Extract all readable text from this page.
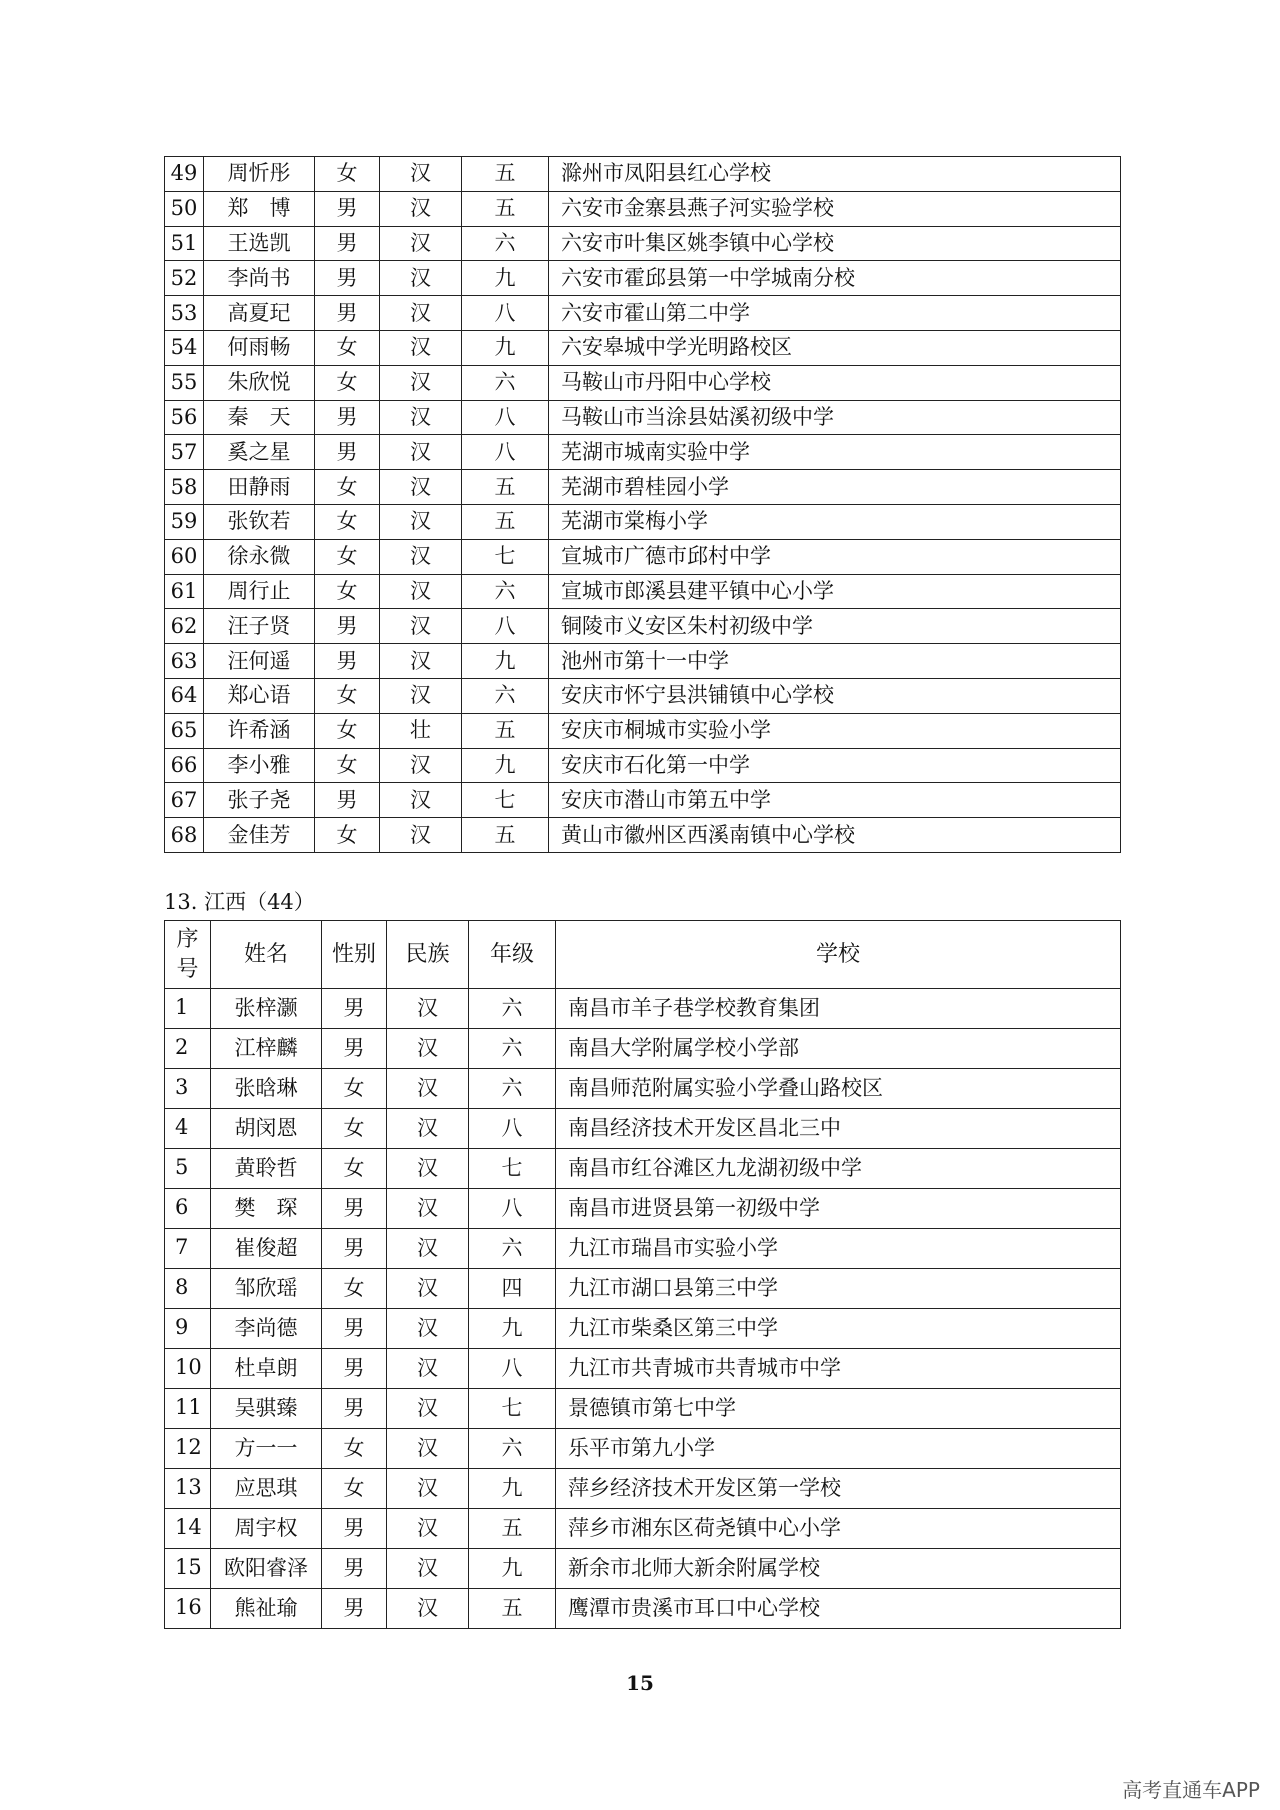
49	周忻彤	女	汉	五	滁州市凤阳县红心学校
50	郑　博	男	汉	五	六安市金寨县燕子河实验学校
51	王选凯	男	汉	六	六安市叶集区姚李镇中心学校
52	李尚书	男	汉	九	六安市霍邱县第一中学城南分校
53	高夏玘	男	汉	八	六安市霍山第二中学
54	何雨畅	女	汉	九	六安皋城中学光明路校区
55	朱欣悦	女	汉	六	马鞍山市丹阳中心学校
56	秦　天	男	汉	八	马鞍山市当涂县姑溪初级中学
57	奚之星	男	汉	八	芜湖市城南实验中学
58	田静雨	女	汉	五	芜湖市碧桂园小学
59	张钦若	女	汉	五	芜湖市棠梅小学
60	徐永微	女	汉	七	宣城市广德市邱村中学
61	周行止	女	汉	六	宣城市郎溪县建平镇中心小学
62	汪子贤	男	汉	八	铜陵市义安区朱村初级中学
63	汪何遥	男	汉	九	池州市第十一中学
64	郑心语	女	汉	六	安庆市怀宁县洪铺镇中心学校
65	许希涵	女	壮	五	安庆市桐城市实验小学
66	李小雅	女	汉	九	安庆市石化第一中学
67	张子尧	男	汉	七	安庆市潜山市第五中学
68	金佳芳	女	汉	五	黄山市徽州区西溪南镇中心学校
13. 江西（44）
序
号	姓名	性别	民族	年级	学校
1	张梓灏	男	汉	六	南昌市羊子巷学校教育集团
2	江梓麟	男	汉	六	南昌大学附属学校小学部
3	张晗琳	女	汉	六	南昌师范附属实验小学叠山路校区
4	胡闵恩	女	汉	八	南昌经济技术开发区昌北三中
5	黄聆哲	女	汉	七	南昌市红谷滩区九龙湖初级中学
6	樊　琛	男	汉	八	南昌市进贤县第一初级中学
7	崔俊超	男	汉	六	九江市瑞昌市实验小学
8	邹欣瑶	女	汉	四	九江市湖口县第三中学
9	李尚德	男	汉	九	九江市柴桑区第三中学
10	杜卓朗	男	汉	八	九江市共青城市共青城市中学
11	吴骐臻	男	汉	七	景德镇市第七中学
12	方一一	女	汉	六	乐平市第九小学
13	应思琪	女	汉	九	萍乡经济技术开发区第一学校
14	周宇权	男	汉	五	萍乡市湘东区荷尧镇中心小学
15	欧阳睿泽	男	汉	九	新余市北师大新余附属学校
16	熊祉瑜	男	汉	五	鹰潭市贵溪市耳口中心学校
15
高考直通车APP
